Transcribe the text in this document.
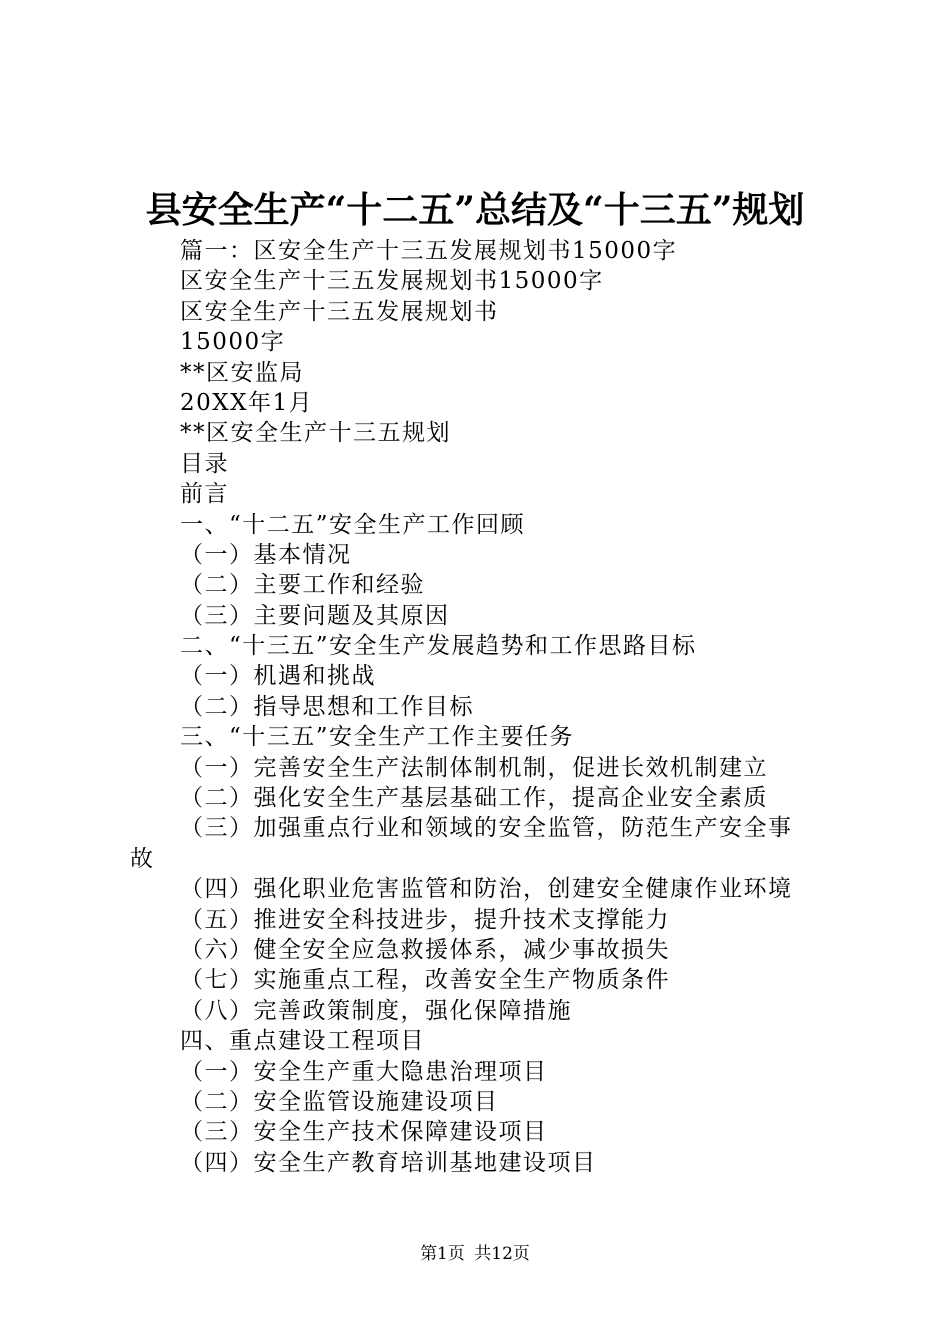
县安全生产“十二五”总结及“十三五”规划
篇一：区安全生产十三五发展规划书15000字
区安全生产十三五发展规划书15000字
区安全生产十三五发展规划书
15000字
**区安监局
20XX年1月
**区安全生产十三五规划
目录
前言
一、“十二五”安全生产工作回顾
（一）基本情况
（二）主要工作和经验
（三）主要问题及其原因
二、“十三五”安全生产发展趋势和工作思路目标
（一）机遇和挑战
（二）指导思想和工作目标
三、“十三五”安全生产工作主要任务
（一）完善安全生产法制体制机制，促进长效机制建立
（二）强化安全生产基层基础工作，提高企业安全素质
（三）加强重点行业和领域的安全监管，防范生产安全事
故
（四）强化职业危害监管和防治，创建安全健康作业环境
（五）推进安全科技进步，提升技术支撑能力
（六）健全安全应急救援体系，减少事故损失
（七）实施重点工程，改善安全生产物质条件
（八）完善政策制度，强化保障措施
四、重点建设工程项目
（一）安全生产重大隐患治理项目
（二）安全监管设施建设项目
（三）安全生产技术保障建设项目
（四）安全生产教育培训基地建设项目
第1页 共12页
